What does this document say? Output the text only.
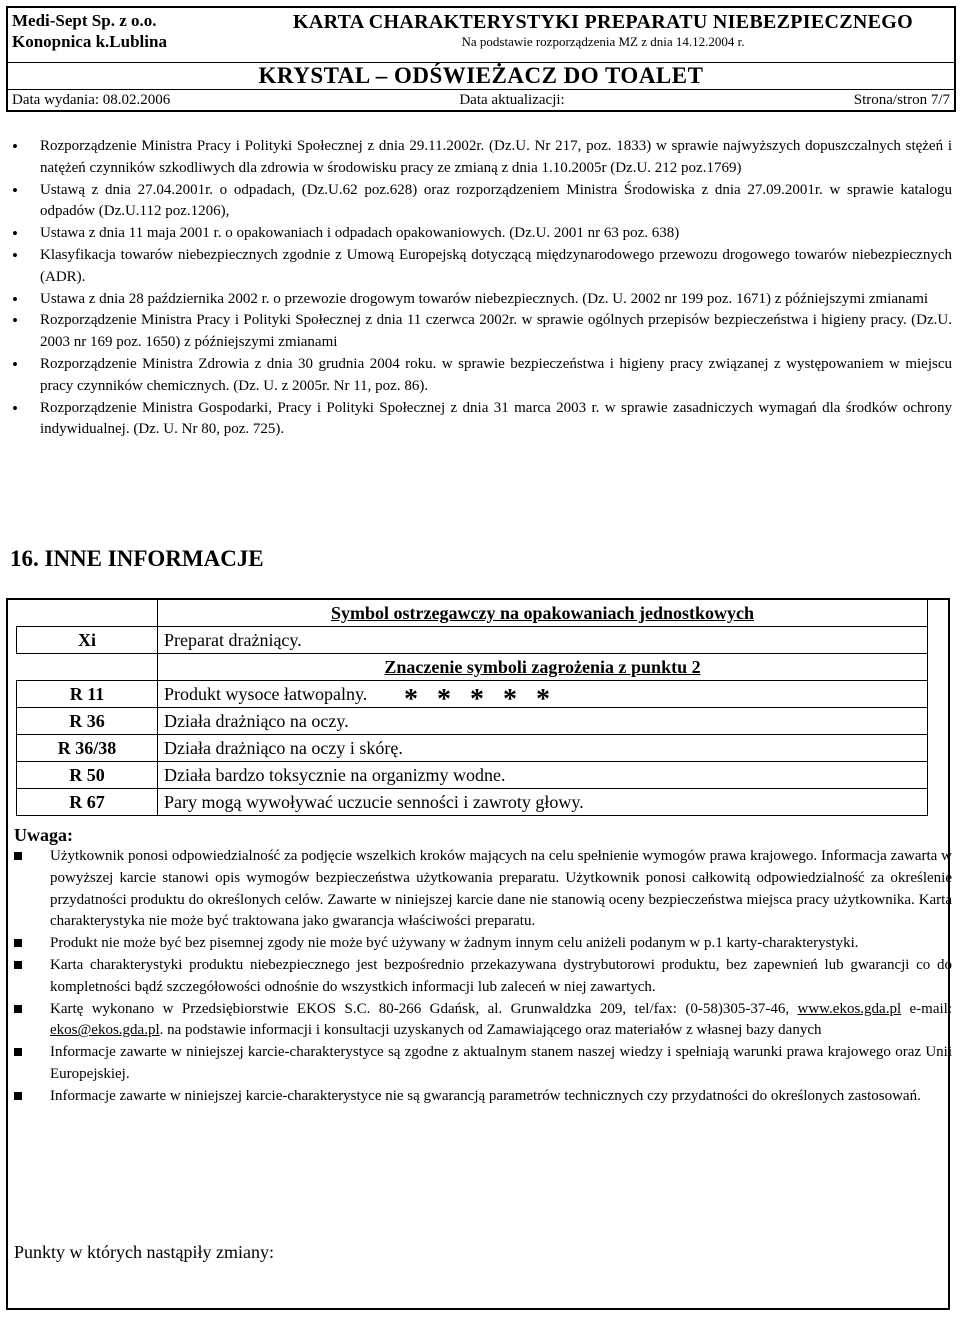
Medi-Sept Sp. z o.o.
Konopnica k.Lublina
KARTA CHARAKTERYSTYKI PREPARATU NIEBEZPIECZNEGO
Na podstawie rozporządzenia MZ z dnia 14.12.2004 r.
KRYSTAL – ODŚWIEŻACZ DO TOALET
Data wydania: 08.02.2006	Data aktualizacji:	Strona/stron 7/7
• Rozporządzenie Ministra Pracy i Polityki Społecznej z dnia 29.11.2002r. (Dz.U. Nr 217, poz. 1833) w sprawie najwyższych dopuszczalnych stężeń i natężeń czynników szkodliwych dla zdrowia w środowisku pracy ze zmianą z dnia 1.10.2005r (Dz.U. 212 poz.1769)
• Ustawą z dnia 27.04.2001r. o odpadach, (Dz.U.62 poz.628) oraz rozporządzeniem Ministra Środowiska z dnia 27.09.2001r. w sprawie katalogu odpadów (Dz.U.112 poz.1206),
• Ustawa z dnia 11 maja 2001 r. o opakowaniach i odpadach opakowaniowych. (Dz.U. 2001 nr 63 poz. 638)
• Klasyfikacja towarów niebezpiecznych zgodnie z Umową Europejską dotyczącą międzynarodowego przewozu drogowego towarów niebezpiecznych (ADR).
• Ustawa z dnia 28 października 2002 r. o przewozie drogowym towarów niebezpiecznych. (Dz. U. 2002 nr 199 poz. 1671) z późniejszymi zmianami
• Rozporządzenie Ministra Pracy i Polityki Społecznej z dnia 11 czerwca 2002r. w sprawie ogólnych przepisów bezpieczeństwa i higieny pracy. (Dz.U. 2003 nr 169 poz. 1650) z późniejszymi zmianami
• Rozporządzenie Ministra Zdrowia z dnia 30 grudnia 2004 roku. w sprawie bezpieczeństwa i higieny pracy związanej z występowaniem w miejscu pracy czynników chemicznych. (Dz. U. z 2005r. Nr 11, poz. 86).
• Rozporządzenie Ministra Gospodarki, Pracy i Polityki Społecznej z dnia 31 marca 2003 r. w sprawie zasadniczych wymagań dla środków ochrony indywidualnej. (Dz. U. Nr 80, poz. 725).
16. INNE INFORMACJE
	Symbol ostrzegawczy na opakowaniach jednostkowych
Xi	Preparat drażniący.
	Znaczenie symboli zagrożenia z punktu 2
R 11	Produkt wysoce łatwopalny.
R 36	Działa drażniąco na oczy.
R 36/38	Działa drażniąco na oczy i skórę.
R 50	Działa bardzo toksycznie na organizmy wodne.
R 67	Pary mogą wywoływać uczucie senności i zawroty głowy.
Uwaga:
Użytkownik ponosi odpowiedzialność za podjęcie wszelkich kroków mających na celu spełnienie wymogów prawa krajowego. Informacja zawarta w powyższej karcie stanowi opis wymogów bezpieczeństwa użytkowania preparatu. Użytkownik ponosi całkowitą odpowiedzialność za określenie przydatności produktu do określonych celów. Zawarte w niniejszej karcie dane nie stanowią oceny bezpieczeństwa miejsca pracy użytkownika. Karta charakterystyka nie może być traktowana jako gwarancja właściwości preparatu.
Produkt nie może być bez pisemnej zgody nie może być używany w żadnym innym celu aniżeli podanym w p.1 karty-charakterystyki.
Karta charakterystyki produktu niebezpiecznego jest bezpośrednio przekazywana dystrybutorowi produktu, bez zapewnień lub gwarancji co do kompletności bądź szczegółowości odnośnie do wszystkich informacji lub zaleceń w niej zawartych.
Kartę wykonano w Przedsiębiorstwie EKOS S.C. 80-266 Gdańsk, al. Grunwaldzka 209, tel/fax: (0-58)305-37-46, www.ekos.gda.pl e-mail: ekos@ekos.gda.pl. na podstawie informacji i konsultacji uzyskanych od Zamawiającego oraz materiałów z własnej bazy danych
Informacje zawarte w niniejszej karcie-charakterystyce są zgodne z aktualnym stanem naszej wiedzy i spełniają warunki prawa krajowego oraz Unii Europejskiej.
Informacje zawarte w niniejszej karcie-charakterystyce nie są gwarancją parametrów technicznych czy przydatności do określonych zastosowań.
Punkty w których nastąpiły zmiany:
* * * * *
